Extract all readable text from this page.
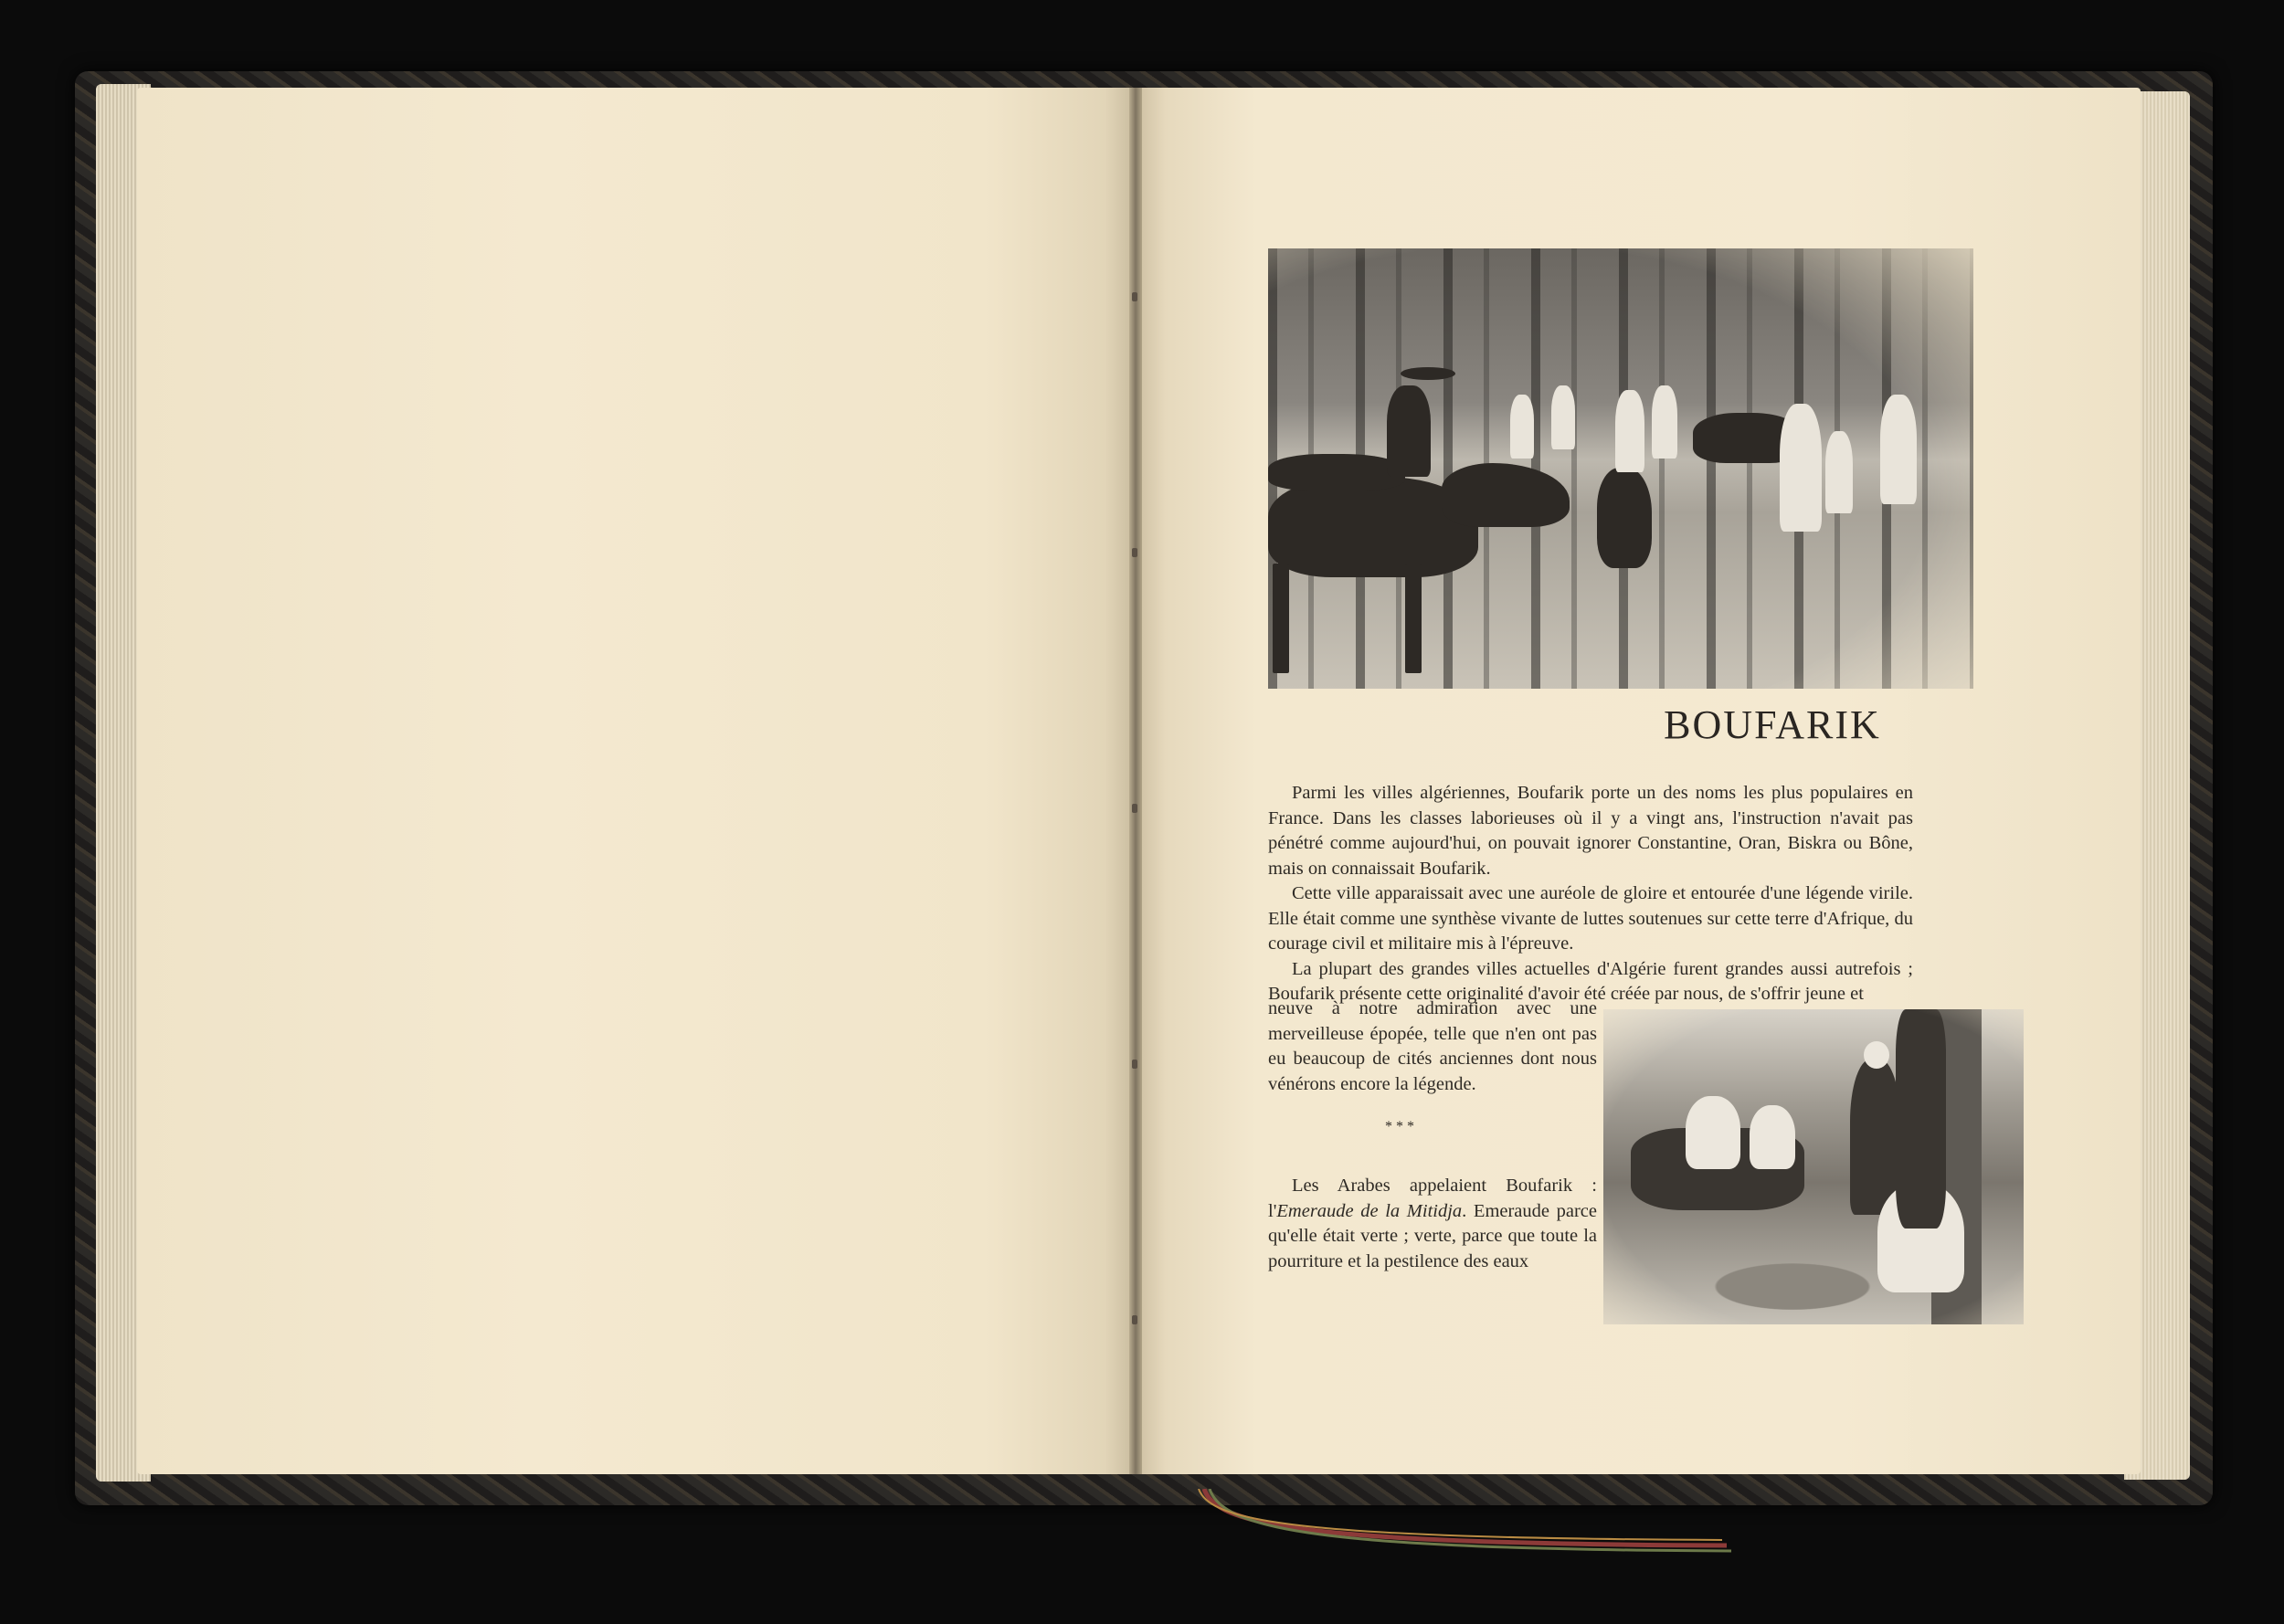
BOUFARIK

Parmi les villes algériennes, Boufarik porte un des noms les plus populaires en France. Dans les classes laborieuses où il y a vingt ans, l'instruction n'avait pas pénétré comme aujourd'hui, on pouvait ignorer Constantine, Oran, Biskra ou Bône, mais on connaissait Boufarik.

Cette ville apparaissait avec une auréole de gloire et entourée d'une légende virile. Elle était comme une synthèse vivante de luttes soutenues sur cette terre d'Afrique, du courage civil et militaire mis à l'épreuve.

La plupart des grandes villes actuelles d'Algérie furent grandes aussi autrefois ; Boufarik présente cette originalité d'avoir été créée par nous, de s'offrir jeune et

neuve à notre admiration avec une merveilleuse épopée, telle que n'en ont pas eu beaucoup de cités anciennes dont nous vénérons encore la légende.

* * *

Les Arabes appelaient Boufarik : l'Emeraude de la Mitidja. Emeraude parce qu'elle était verte ; verte, parce que toute la pourriture et la pestilence des eaux
